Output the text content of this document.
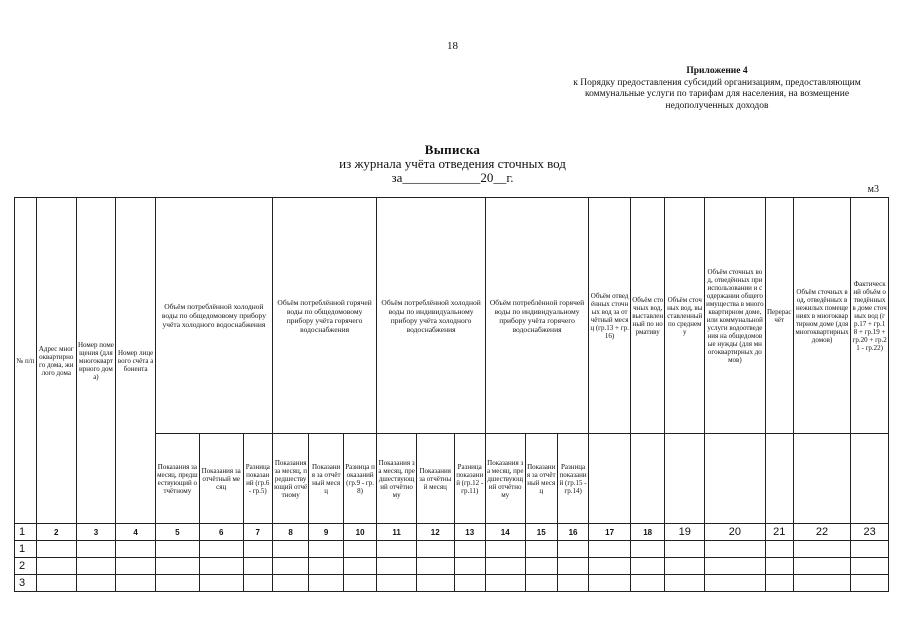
18
Приложение 4
к Порядку предоставления субсидий организациям, предоставляющим коммунальные услуги по тарифам для населения, на возмещение недополученных доходов
Выписка
из журнала учёта отведения сточных вод
за____________20__г.
м3
№ п/п	Адрес многоквартирного дома, жилого дома	Номер помещения (для многоквартирного дома)	Номер лицевого счёта абонента	Объём потреблённой холодной воды по общедомовому прибору учёта холодного водоснабжения			Объём потреблённой горячей воды по общедомовому прибору учёта горячего водоснабжения			Объём потреблённой холодной воды по индивидуальному прибору учёта холодного водоснабжения			Объём потреблённой горячей воды по индивидуальному прибору учёта горячего водоснабжения			Объём отведённых сточных вод за отчётный месяц (гр.13 + гр.16)	Объём сточных вод, выставленный по нормативу	Объём сточных вод, выставленный по среднему	Объём сточных вод, отведённых при использовании и содержании общего имущества в многоквартирном доме, или коммунальной услуги водоотведения на общедомовые нужды (для многоквартирных домов)	Перерасчёт	Объём сточных вод, отведённых в нежилых помещениях в многоквартирном доме (для многоквартирных домов)	Фактический объём отведённых в доме сточных вод (гр.17 + гр.18 + гр.19 + гр.20 + гр.21 - гр.22)
				Показания за месяц, предшествующий отчётному	Показания за отчётный месяц	Разница показаний (гр.6 - гр.5)	Показания за месяц, предшествующий отчётному	Показания за отчётный месяц	Разница показаний (гр.9 - гр.8)	Показания за месяц, предшествующий отчётному	Показания за отчётный месяц	Разница показаний (гр.12 - гр.11)	Показания за месяц, предшествующий отчётному	Показания за отчётный месяц	Разница показаний (гр.15 - гр.14)							
1	2	3	4	5	6	7	8	9	10	11	12	13	14	15	16	17	18	19	20	21	22	23
1																						
2																						
3																						
